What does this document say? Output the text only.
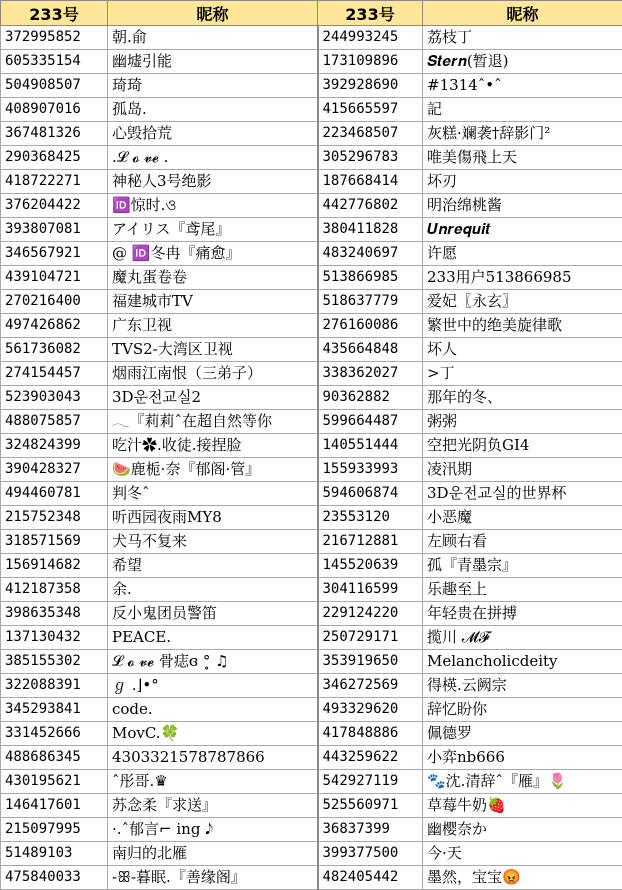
233号	昵称	233号	昵称
372995852	朝.俞	244993245	荔枝丁
605335154	幽墟引能	173109896	𝑺𝒕𝒆𝒓𝒏(暂退)
504908507	琦琦	392928690	#1314ˆ•ˆ
408907016	孤岛.	415665597	記
367481326	心毁拾荒	223468507	灰糕·斓袭†辞影门²
290368425	.𝓛 𝓸 𝓿𝓮 .	305296783	唯美傷飛上天
418722271	神秘人3号绝影	187668414	坏刃
376204422	🆔惊时.ও	442776802	明治绵桃酱
393807081	アイリス『鸢尾』	380411828	𝑼𝒏𝒓𝒆𝒒𝒖𝒊𝒕
346567921	@ 🆔冬冉『痛愈』	483240697	许愿
439104721	魔丸蛋卷卷	513866985	233用户513866985
270216400	福建城市TV	518637779	爱妃〖永玄〗
497426862	广东卫视	276160086	繁世中的绝美旋律歌
561736082	TVS2-大湾区卫视	435664848	坏人
274154457	烟雨江南恨（三弟子）	338362027	>丁
523903043	3D운전교실2	90362882	那年的冬、
488075857	𓂃『莉莉ˆ在超自然等你	599664487	粥粥
324824399	吃汁✿.收徒.接捏脸	140551444	空把光阴负GI4
390428327	🍉鹿栀·奈『郁阁·管』	155933993	凌汛期
494460781	判冬ˆ	594606874	3D운전교실的世界杯
215752348	听西园夜雨MY8	23553120	小恶魔
318571569	犬马不复来	216712881	左顾右看
156914682	希望	145520639	孤『青墨宗』
412187358	余.	304116599	乐趣至上
398635348	反小鬼团员警笛	229124220	年轻贵在拼搏
137130432	PEACE.	250729171	揽川 𝓜𝓕
385155302	𝓛 𝓸 𝓿𝓮 骨痣ɞ °̥ ♫	353919650	Melancholicdeity
322088391	ℊ .⌋•°	346272569	得楧.云阙宗
345293841	code.	493329620	辞忆盼你
331452666	MovC.🍀	417848886	佩德罗
488686345	4303321578787866	443259622	小弈nb666
430195621	ˆ彤哥.♛	542927119	🐾沈.清辞ˆ『雁』🌷
146417601	苏念柔『求送』	525560971	草莓牛奶🍓
215097995	·.ˆ郁言⌐ ing 𝅘𝅥𝅮	36837399	幽樱奈か
51489103	南归的北雁	399377500	今·天
475840033	-ꕥ-暮眠.『善缘阁』	482405442	墨然，宝宝😡
